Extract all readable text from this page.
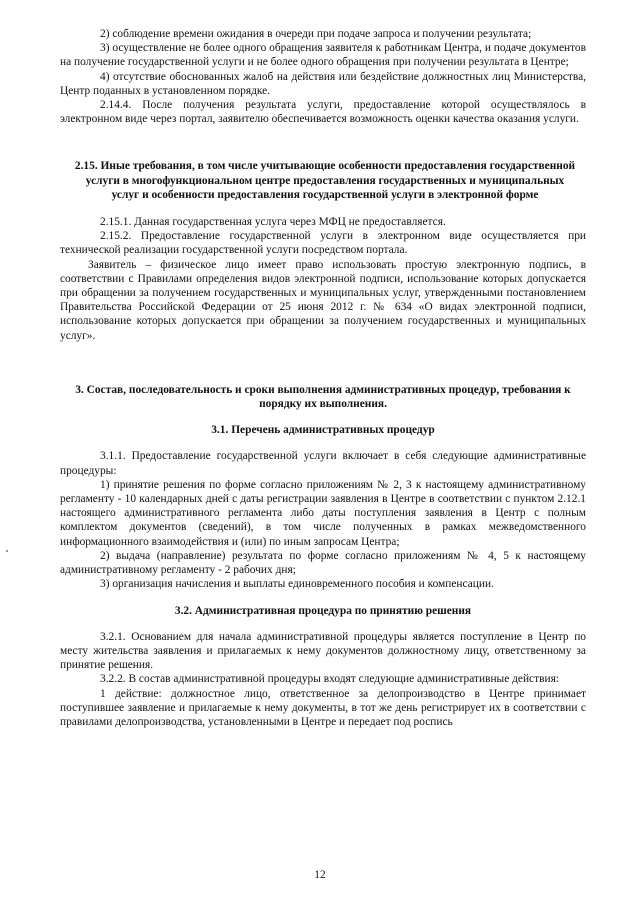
2) соблюдение времени ожидания в очереди при подаче запроса и получении результата;

3) осуществление не более одного обращения заявителя к работникам Центра, и подаче документов на получение государственной услуги и не более одного обращения при получении результата в Центре;

4) отсутствие обоснованных жалоб на действия или бездействие должностных лиц Министерства, Центр поданных в установленном порядке.

2.14.4. После получения результата услуги, предоставление которой осуществлялось в электронном виде через портал, заявителю обеспечивается возможность оценки качества оказания услуги.

2.15. Иные требования, в том числе учитывающие особенности предоставления государственной услуги в многофункциональном центре предоставления государственных и муниципальных услуг и особенности предоставления государственной услуги в электронной форме

2.15.1. Данная государственная услуга через МФЦ не предоставляется.

2.15.2. Предоставление государственной услуги в электронном виде осуществляется при технической реализации государственной услуги посредством портала.

Заявитель – физическое лицо имеет право использовать простую электронную подпись, в соответствии с Правилами определения видов электронной подписи, использование которых допускается при обращении за получением государственных и муниципальных услуг, утвержденными постановлением Правительства Российской Федерации от 25 июня 2012 г. № 634 «О видах электронной подписи, использование которых допускается при обращении за получением государственных и муниципальных услуг».

3. Состав, последовательность и сроки выполнения административных процедур, требования к порядку их выполнения.
3.1. Перечень административных процедур

3.1.1. Предоставление государственной услуги включает в себя следующие административные процедуры:

1) принятие решения по форме согласно приложениям № 2, 3 к настоящему административному регламенту - 10 календарных дней с даты регистрации заявления в Центре в соответствии с пунктом 2.12.1 настоящего административного регламента либо даты поступления заявления в Центр с полным комплектом документов (сведений), в том числе полученных в рамках межведомственного информационного взаимодействия и (или) по иным запросам Центра;

2) выдача (направление) результата по форме согласно приложениям № 4, 5 к настоящему административному регламенту - 2 рабочих дня;

3) организация начисления и выплаты единовременного пособия и компенсации.

3.2. Административная процедура по принятию решения

3.2.1. Основанием для начала административной процедуры является поступление в Центр по месту жительства заявления и прилагаемых к нему документов должностному лицу, ответственному за принятие решения.

3.2.2. В состав административной процедуры входят следующие административные действия:

1 действие: должностное лицо, ответственное за делопроизводство в Центре принимает поступившее заявление и прилагаемые к нему документы, в тот же день регистрирует их в соответствии с правилами делопроизводства, установленными в Центре и передает под роспись

12
